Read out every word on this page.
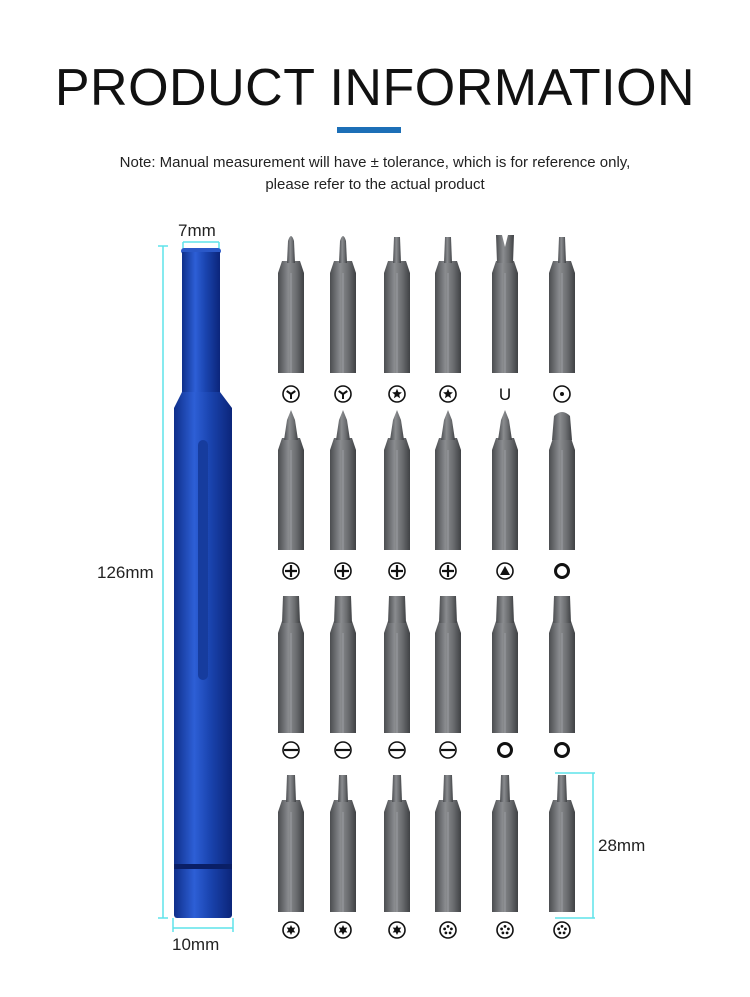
PRODUCT INFORMATION
Note: Manual measurement will have ± tolerance, which is for reference only,
please refer to the actual product
U
7mm
126mm
10mm
28mm
